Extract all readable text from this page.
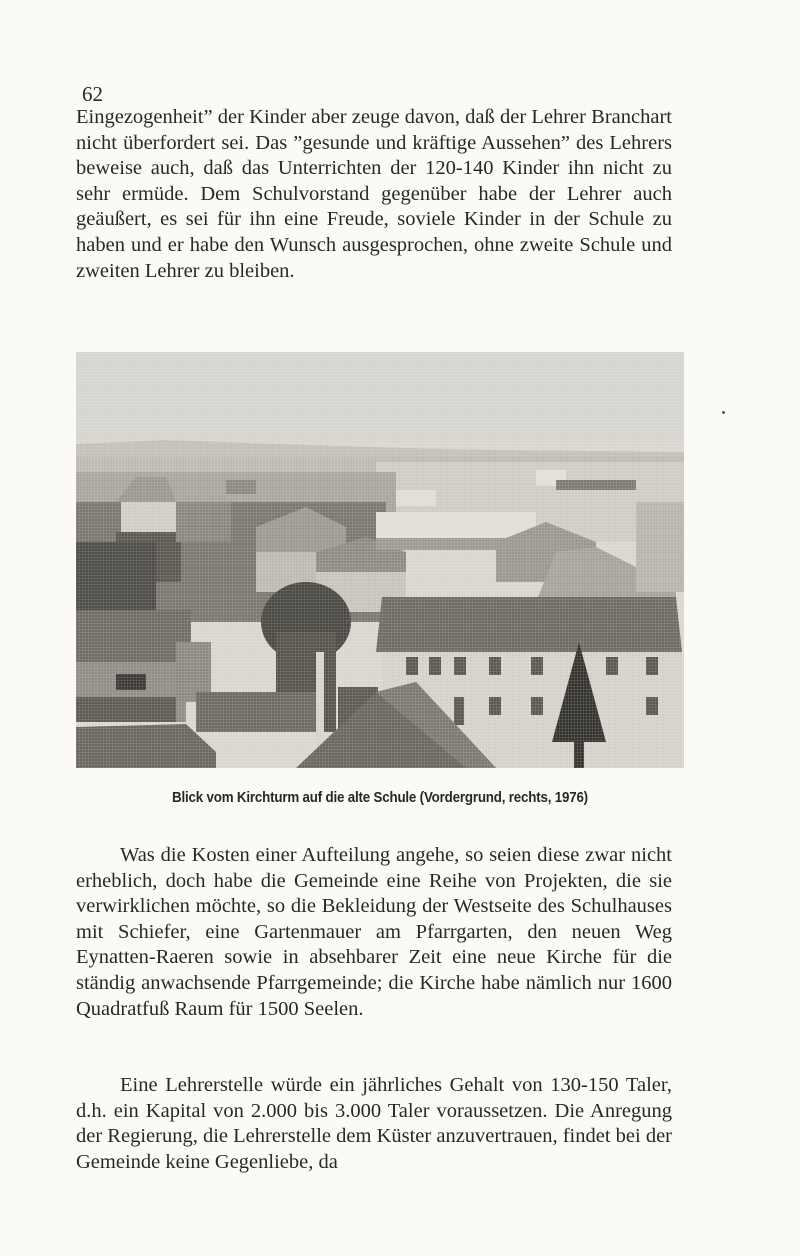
62

Eingezogenheit” der Kinder aber zeuge davon, daß der Lehrer Branchart nicht überfordert sei. Das ”gesunde und kräftige Aussehen” des Lehrers beweise auch, daß das Unterrichten der 120-140 Kinder ihn nicht zu sehr ermüde. Dem Schulvorstand gegenüber habe der Lehrer auch geäußert, es sei für ihn eine Freude, soviele Kinder in der Schule zu haben und er habe den Wunsch ausgesprochen, ohne zweite Schule und zweiten Lehrer zu bleiben.

Blick vom Kirchturm auf die alte Schule (Vordergrund, rechts, 1976)

Was die Kosten einer Aufteilung angehe, so seien diese zwar nicht erheblich, doch habe die Gemeinde eine Reihe von Projekten, die sie verwirklichen möchte, so die Bekleidung der Westseite des Schulhauses mit Schiefer, eine Gartenmauer am Pfarrgarten, den neuen Weg Eynatten-Raeren sowie in absehbarer Zeit eine neue Kirche für die ständig anwachsende Pfarrgemeinde; die Kirche habe nämlich nur 1600 Quadratfuß Raum für 1500 Seelen.

Eine Lehrerstelle würde ein jährliches Gehalt von 130-150 Taler, d.h. ein Kapital von 2.000 bis 3.000 Taler voraussetzen. Die Anregung der Regierung, die Lehrerstelle dem Küster anzuvertrauen, findet bei der Gemeinde keine Gegenliebe, da
